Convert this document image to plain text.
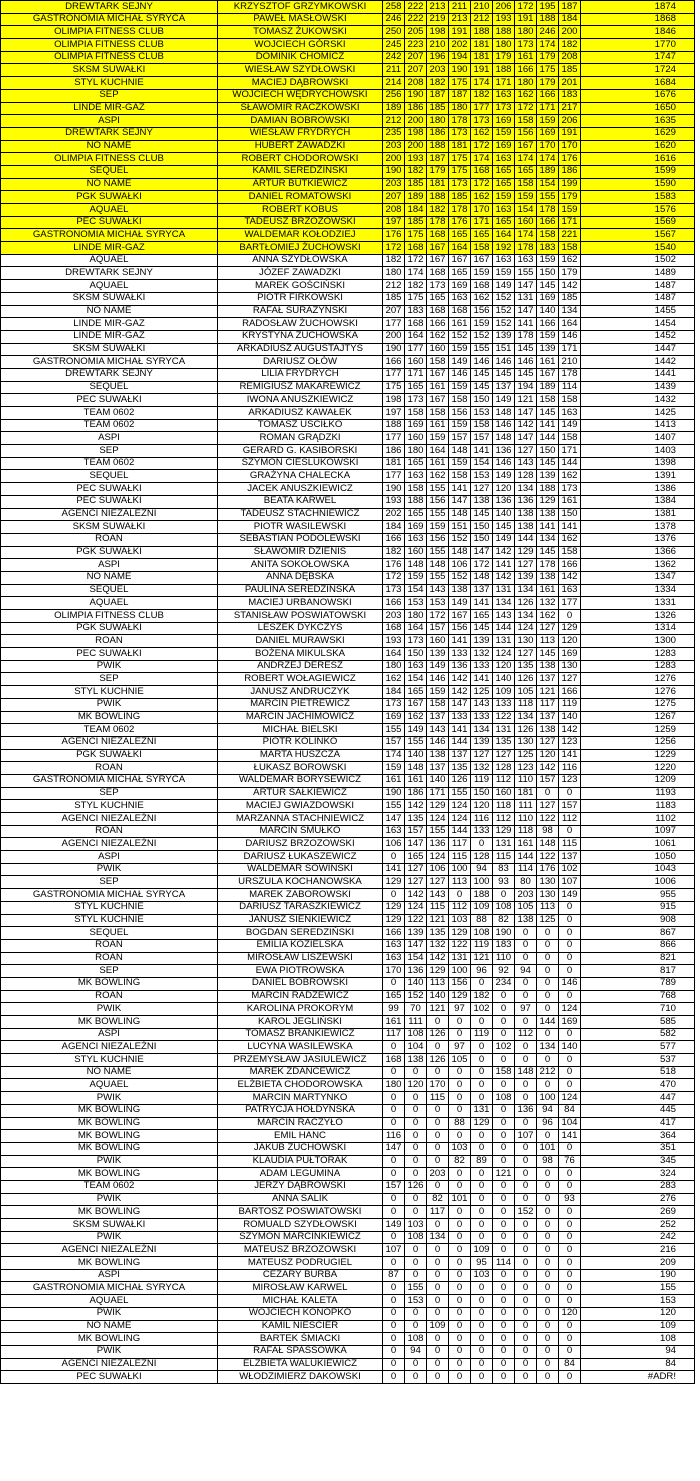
DREWTARK SEJNY	KRZYSZTOF GRZYMKOWSKI	258	222	213	211	210	206	172	195	187	1874
GASTRONOMIA MICHAŁ SYRYCA	PAWEŁ MASŁOWSKI	246	222	219	213	212	193	191	188	184	1868
OLIMPIA FITNESS CLUB	TOMASZ ŻUKOWSKI	250	205	198	191	188	188	180	246	200	1846
OLIMPIA FITNESS CLUB	WOJCIECH GÓRSKI	245	223	210	202	181	180	173	174	182	1770
OLIMPIA FITNESS CLUB	DOMINIK CHOMICZ	242	207	196	194	181	179	161	179	208	1747
SKSM SUWAŁKI	WIESŁAW SZYDŁOWSKI	211	207	203	190	191	188	166	175	185	1724
STYL KUCHNIE	MACIEJ DĄBROWSKI	214	208	182	175	174	171	180	179	201	1684
SEP	WOJCIECH WĘDRYCHOWSKI	256	190	187	187	182	163	162	166	183	1676
LINDE MIR-GAZ	SŁAWOMIR RACZKOWSKI	189	186	185	180	177	173	172	171	217	1650
ASPI	DAMIAN BOBROWSKI	212	200	180	178	173	169	158	159	206	1635
DREWTARK SEJNY	WIESŁAW FRYDRYCH	235	198	186	173	162	159	156	169	191	1629
NO NAME	HUBERT ZAWADZKI	203	200	188	181	172	169	167	170	170	1620
OLIMPIA FITNESS CLUB	ROBERT CHODOROWSKI	200	193	187	175	174	163	174	174	176	1616
SEQUEL	KAMIL SEREDZIŃSKI	190	182	179	175	168	165	165	189	186	1599
NO NAME	ARTUR BUTKIEWICZ	203	185	181	173	172	165	158	154	199	1590
PGK SUWAŁKI	DANIEL ROMATOWSKI	207	189	188	185	162	159	159	155	179	1583
AQUAEL	ROBERT KOBUS	208	184	182	178	170	163	154	178	159	1576
PEC SUWAŁKI	TADEUSZ BRZOZOWSKI	197	185	178	176	171	165	160	166	171	1569
GASTRONOMIA MICHAŁ SYRYCA	WALDEMAR KOŁODZIEJ	176	175	168	165	165	164	174	158	221	1567
LINDE MIR-GAZ	BARTŁOMIEJ ŻUCHOWSKI	172	168	167	164	158	192	178	183	158	1540
AQUAEL	ANNA SZYDŁOWSKA	182	172	167	167	167	163	163	159	162	1502
DREWTARK SEJNY	JÓZEF ZAWADZKI	180	174	168	165	159	159	155	150	179	1489
AQUAEL	MAREK GOŚCIŃSKI	212	182	173	169	168	149	147	145	142	1487
SKSM SUWAŁKI	PIOTR FIRKOWSKI	185	175	165	163	162	152	131	169	185	1487
NO NAME	RAFAŁ SURAŻYŃSKI	207	183	168	168	156	152	147	140	134	1455
LINDE MIR-GAZ	RADOSŁAW ŻUCHOWSKI	177	168	166	161	159	152	141	166	164	1454
LINDE MIR-GAZ	KRYSTYNA ŻUCHOWSKA	200	164	162	152	152	139	178	159	146	1452
SKSM SUWAŁKI	ARKADIUSZ AUGUSTAJTYS	190	177	160	159	155	151	145	139	171	1447
GASTRONOMIA MICHAŁ SYRYCA	DARIUSZ OŁÓW	166	160	158	149	146	146	146	161	210	1442
DREWTARK SEJNY	LILIA FRYDRYCH	177	171	167	146	145	145	145	167	178	1441
SEQUEL	REMIGIUSZ MAKAREWICZ	175	165	161	159	145	137	194	189	114	1439
PEC SUWAŁKI	IWONA ANUSZKIEWICZ	198	173	167	158	150	149	121	158	158	1432
TEAM 0602	ARKADIUSZ KAWAŁEK	197	158	158	156	153	148	147	145	163	1425
TEAM 0602	TOMASZ USCIŁKO	188	169	161	159	158	146	142	141	149	1413
ASPI	ROMAN GRĄDZKI	177	160	159	157	157	148	147	144	158	1407
SEP	GERARD G. KASIBORSKI	186	180	164	148	141	136	127	150	171	1403
TEAM 0602	SZYMON CIEŚLUKOWSKI	181	165	161	159	154	146	143	145	144	1398
SEQUEL	GRAŻYNA CHALECKA	177	163	162	158	153	149	128	139	162	1391
PEC SUWAŁKI	JACEK ANUSZKIEWICZ	190	158	155	141	127	120	134	188	173	1386
PEC SUWAŁKI	BEATA KARWEL	193	188	156	147	138	136	136	129	161	1384
AGENCI NIEZALEŻNI	TADEUSZ STACHNIEWICZ	202	165	155	148	145	140	138	138	150	1381
SKSM SUWAŁKI	PIOTR WASILEWSKI	184	169	159	151	150	145	138	141	141	1378
ROAN	SEBASTIAN PODOLEWSKI	166	163	156	152	150	149	144	134	162	1376
PGK SUWAŁKI	SŁAWOMIR DZIENIS	182	160	155	148	147	142	129	145	158	1366
ASPI	ANITA SOKOŁOWSKA	176	148	148	106	172	141	127	178	166	1362
NO NAME	ANNA DĘBSKA	172	159	155	152	148	142	139	138	142	1347
SEQUEL	PAULINA SEREDZIŃSKA	173	154	143	138	137	131	134	161	163	1334
AQUAEL	MACIEJ URBANOWSKI	166	153	153	149	141	134	126	132	177	1331
OLIMPIA FITNESS CLUB	STANISŁAW POSWIATOWSKI	203	180	172	167	165	143	134	162	0	1326
PGK SUWAŁKI	LESZEK DYKCZYS	168	164	157	156	145	144	124	127	129	1314
ROAN	DANIEL MURAWSKI	193	173	160	141	139	131	130	113	120	1300
PEC SUWAŁKI	BOŻENA MIKULSKA	164	150	139	133	132	124	127	145	169	1283
PWIK	ANDRZEJ DERESZ	180	163	149	136	133	120	135	138	130	1283
SEP	ROBERT WOŁAGIEWICZ	162	154	146	142	141	140	126	137	127	1276
STYL KUCHNIE	JANUSZ ANDRUCZYK	184	165	159	142	125	109	105	121	166	1276
PWIK	MARCIN PIETREWICZ	173	167	158	147	143	133	118	117	119	1275
MK BOWLING	MARCIN JACHIMOWICZ	169	162	137	133	133	122	134	137	140	1267
TEAM 0602	MICHAŁ BIELSKI	155	149	143	141	134	131	126	138	142	1259
AGENCI NIEZALEŻNI	PIOTR KOLINKO	157	155	146	144	139	135	130	127	123	1256
PGK SUWAŁKI	MARTA HUSZCZA	174	140	138	137	127	127	125	120	141	1229
ROAN	ŁUKASZ BOROWSKI	159	148	137	135	132	128	123	142	116	1220
GASTRONOMIA MICHAŁ SYRYCA	WALDEMAR BORYSEWICZ	161	161	140	126	119	112	110	157	123	1209
SEP	ARTUR SAŁKIEWICZ	190	186	171	155	150	160	181	0	0	1193
STYL KUCHNIE	MACIEJ GWIAZDOWSKI	155	142	129	124	120	118	111	127	157	1183
AGENCI NIEZALEŻNI	MARZANNA STACHNIEWICZ	147	135	124	124	116	112	110	122	112	1102
ROAN	MARCIN SMUŁKO	163	157	155	144	133	129	118	98	0	1097
AGENCI NIEZALEŻNI	DARIUSZ BRZOZOWSKI	106	147	136	117	0	131	161	148	115	1061
ASPI	DARIUSZ ŁUKASZEWICZ	0	165	124	115	128	115	144	122	137	1050
PWIK	WALDEMAR SOWIŃSKI	141	127	106	100	94	83	114	176	102	1043
SEP	URSZULA KOCHANOWSKA	129	127	127	113	100	93	80	130	107	1006
GASTRONOMIA MICHAŁ SYRYCA	MAREK ZABOROWSKI	0	142	143	0	188	0	203	130	149	955
STYL KUCHNIE	DARIUSZ TARASZKIEWICZ	129	124	115	112	109	108	105	113	0	915
STYL KUCHNIE	JANUSZ SIENKIEWICZ	129	122	121	103	88	82	138	125	0	908
SEQUEL	BOGDAN SEREDZIŃSKI	166	139	135	129	108	190	0	0	0	867
ROAN	EMILIA KOZIELSKA	163	147	132	122	119	183	0	0	0	866
ROAN	MIROSŁAW LISZEWSKI	163	154	142	131	121	110	0	0	0	821
SEP	EWA PIOTROWSKA	170	136	129	100	96	92	94	0	0	817
MK BOWLING	DANIEL BOBROWSKI	0	140	113	156	0	234	0	0	146	789
ROAN	MARCIN RADZEWICZ	165	152	140	129	182	0	0	0	0	768
PWIK	KAROLINA PROKORYM	99	70	121	97	102	0	97	0	124	710
MK BOWLING	KAROL JEGLIŃSKI	161	111	0	0	0	0	0	144	169	585
ASPI	TOMASZ BRANKIEWICZ	117	108	126	0	119	0	112	0	0	582
AGENCI NIEZALEŻNI	LUCYNA WASILEWSKA	0	104	0	97	0	102	0	134	140	577
STYL KUCHNIE	PRZEMYSŁAW JASIULEWICZ	168	138	126	105	0	0	0	0	0	537
NO NAME	MAREK ZDANCEWICZ	0	0	0	0	0	158	148	212	0	518
AQUAEL	ELŻBIETA CHODOROWSKA	180	120	170	0	0	0	0	0	0	470
PWIK	MARCIN MARTYNKO	0	0	115	0	0	108	0	100	124	447
MK BOWLING	PATRYCJA HOŁDYŃSKA	0	0	0	0	131	0	136	94	84	445
MK BOWLING	MARCIN RACZYŁO	0	0	0	88	129	0	0	96	104	417
MK BOWLING	EMIL HANC	116	0	0	0	0	0	107	0	141	364
MK BOWLING	JAKUB ŻUCHOWSKI	147	0	0	103	0	0	0	101	0	351
PWIK	KLAUDIA PUŁTORAK	0	0	0	82	89	0	0	98	76	345
MK BOWLING	ADAM LEGUMINA	0	0	203	0	0	121	0	0	0	324
TEAM 0602	JERZY DĄBROWSKI	157	126	0	0	0	0	0	0	0	283
PWIK	ANNA SALIK	0	0	82	101	0	0	0	0	93	276
MK BOWLING	BARTOSZ POSWIATOWSKI	0	0	117	0	0	0	152	0	0	269
SKSM SUWAŁKI	ROMUALD SZYDŁOWSKI	149	103	0	0	0	0	0	0	0	252
PWIK	SZYMON MARCINKIEWICZ	0	108	134	0	0	0	0	0	0	242
AGENCI NIEZALEŻNI	MATEUSZ BRZOZOWSKI	107	0	0	0	109	0	0	0	0	216
MK BOWLING	MATEUSZ PODRUGIEL	0	0	0	0	95	114	0	0	0	209
ASPI	CEZARY BURBA	87	0	0	0	103	0	0	0	0	190
GASTRONOMIA MICHAŁ SYRYCA	MIROSŁAW KARWEL	0	155	0	0	0	0	0	0	0	155
AQUAEL	MICHAŁ KALETA	0	153	0	0	0	0	0	0	0	153
PWIK	WOJCIECH KONOPKO	0	0	0	0	0	0	0	0	120	120
NO NAME	KAMIL NIEŚCIER	0	0	109	0	0	0	0	0	0	109
MK BOWLING	BARTEK ŚMIACKI	0	108	0	0	0	0	0	0	0	108
PWIK	RAFAŁ SPASSÓWKA	0	94	0	0	0	0	0	0	0	94
AGENCI NIEZALEŻNI	ELŻBIETA WALUKIEWICZ	0	0	0	0	0	0	0	0	84	84
PEC SUWAŁKI	WŁODZIMIERZ DAKOWSKI	0	0	0	0	0	0	0	0	0	#ADR!
